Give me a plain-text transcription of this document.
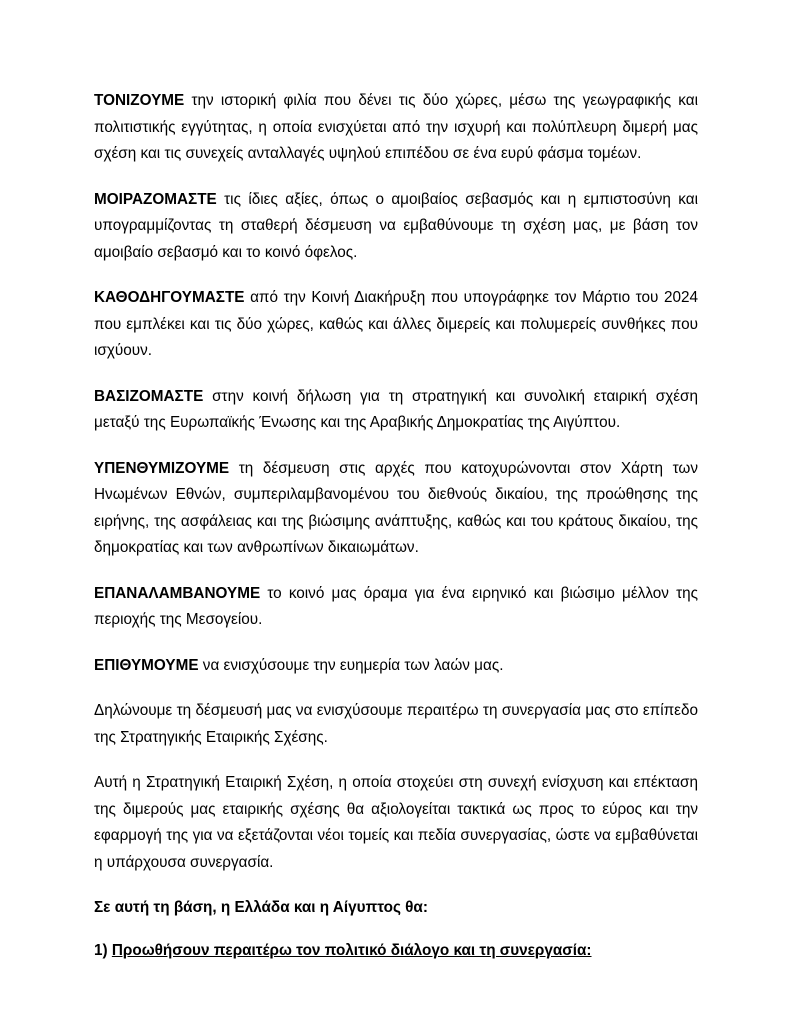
ΤΟΝΙΖΟΥΜΕ την ιστορική φιλία που δένει τις δύο χώρες, μέσω της γεωγραφικής και πολιτιστικής εγγύτητας, η οποία ενισχύεται από την ισχυρή και πολύπλευρη διμερή μας σχέση και τις συνεχείς ανταλλαγές υψηλού επιπέδου σε ένα ευρύ φάσμα τομέων.

ΜΟΙΡΑΖΟΜΑΣΤΕ τις ίδιες αξίες, όπως ο αμοιβαίος σεβασμός και η εμπιστοσύνη και υπογραμμίζοντας τη σταθερή δέσμευση να εμβαθύνουμε τη σχέση μας, με βάση τον αμοιβαίο σεβασμό και το κοινό όφελος.

ΚΑΘΟΔΗΓΟΥΜΑΣΤΕ από την Κοινή Διακήρυξη που υπογράφηκε τον Μάρτιο του 2024 που εμπλέκει και τις δύο χώρες, καθώς και άλλες διμερείς και πολυμερείς συνθήκες που ισχύουν.

ΒΑΣΙΖΟΜΑΣΤΕ στην κοινή δήλωση για τη στρατηγική και συνολική εταιρική σχέση μεταξύ της Ευρωπαϊκής Ένωσης και της Αραβικής Δημοκρατίας της Αιγύπτου.

ΥΠΕΝΘΥΜΙΖΟΥΜΕ τη δέσμευση στις αρχές που κατοχυρώνονται στον Χάρτη των Ηνωμένων Εθνών, συμπεριλαμβανομένου του διεθνούς δικαίου, της προώθησης της ειρήνης, της ασφάλειας και της βιώσιμης ανάπτυξης, καθώς και του κράτους δικαίου, της δημοκρατίας και των ανθρωπίνων δικαιωμάτων.

ΕΠΑΝΑΛΑΜΒΑΝΟΥΜΕ το κοινό μας όραμα για ένα ειρηνικό και βιώσιμο μέλλον της περιοχής της Μεσογείου.

ΕΠΙΘΥΜΟΥΜΕ να ενισχύσουμε την ευημερία των λαών μας.

Δηλώνουμε τη δέσμευσή μας να ενισχύσουμε περαιτέρω τη συνεργασία μας στο επίπεδο της Στρατηγικής Εταιρικής Σχέσης.

Αυτή η Στρατηγική Εταιρική Σχέση, η οποία στοχεύει στη συνεχή ενίσχυση και επέκταση της διμερούς μας εταιρικής σχέσης θα αξιολογείται τακτικά ως προς το εύρος και την εφαρμογή της για να εξετάζονται νέοι τομείς και πεδία συνεργασίας, ώστε να εμβαθύνεται η υπάρχουσα συνεργασία.

Σε αυτή τη βάση, η Ελλάδα και η Αίγυπτος θα:

1) Προωθήσουν περαιτέρω τον πολιτικό διάλογο και τη συνεργασία:
